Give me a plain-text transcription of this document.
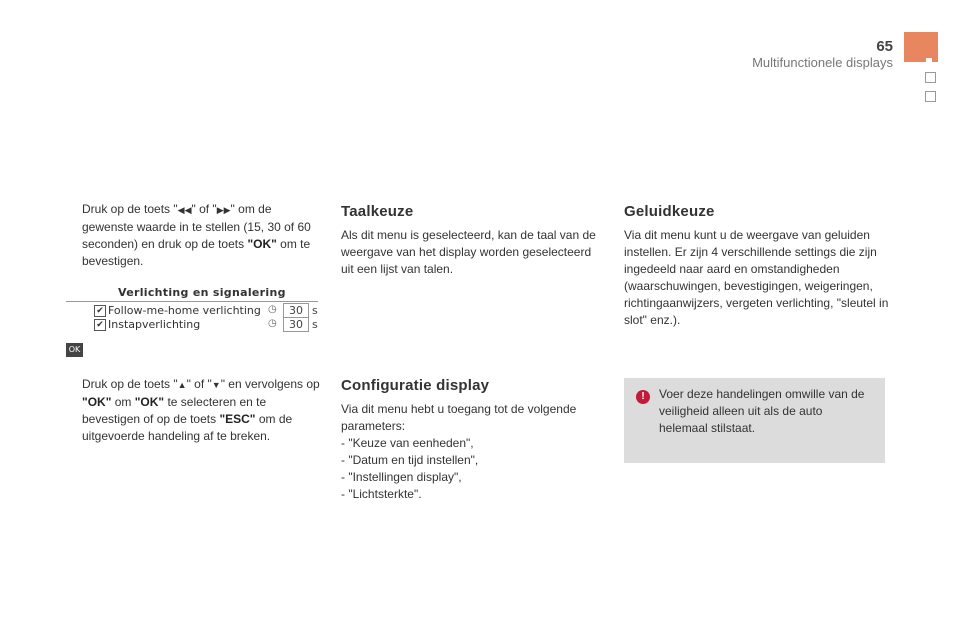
65
Multifunctionele displays
Druk op de toets "◀◀" of "▶▶" om de gewenste waarde in te stellen (15, 30 of 60 seconden) en druk op de toets "OK" om te bevestigen.
Verlichting en signalering
✔ Follow-me-home verlichting ◷	30 s
✔ Instapverlichting	◷	30 s
OK
Druk op de toets "▲" of "▼" en vervolgens op "OK" om "OK" te selecteren en te bevestigen of op de toets "ESC" om de uitgevoerde handeling af te breken.
Taalkeuze
Als dit menu is geselecteerd, kan de taal van de weergave van het display worden geselecteerd uit een lijst van talen.
Configuratie display
Via dit menu hebt u toegang tot de volgende parameters:
- "Keuze van eenheden",
- "Datum en tijd instellen",
- "Instellingen display",
- "Lichtsterkte".
Geluidkeuze
Via dit menu kunt u de weergave van geluiden instellen. Er zijn 4 verschillende settings die zijn ingedeeld naar aard en omstandigheden (waarschuwingen, bevestigingen, weigeringen, richtingaanwijzers, vergeten verlichting, "sleutel in slot" enz.).
!	Voer deze handelingen omwille van de veiligheid alleen uit als de auto helemaal stilstaat.
